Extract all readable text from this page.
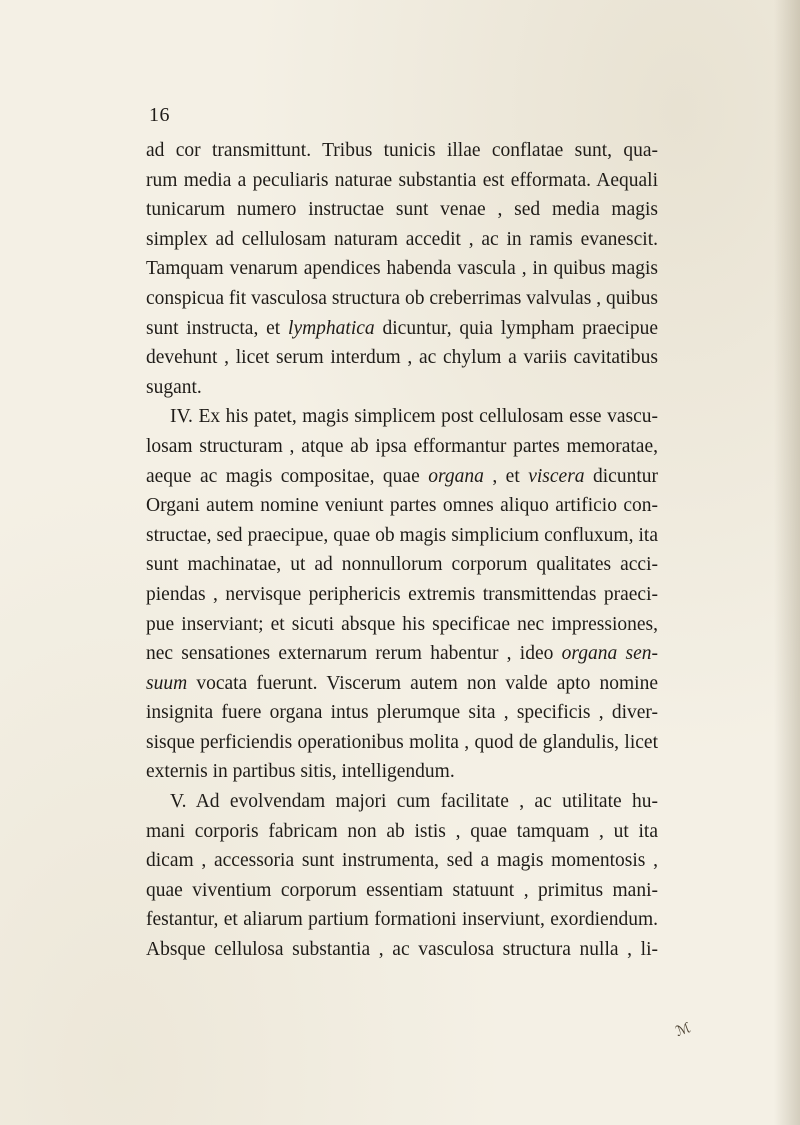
16
ad cor transmittunt. Tribus tunicis illae conflatae sunt, qua-
rum media a peculiaris naturae substantia est efformata. Aequali
tunicarum numero instructae sunt venae , sed media magis
simplex ad cellulosam naturam accedit , ac in ramis evanescit.
Tamquam venarum apendices habenda vascula , in quibus magis
conspicua fit vasculosa structura ob creberrimas valvulas , quibus
sunt instructa, et lymphatica dicuntur, quia lympham praecipue
devehunt , licet serum interdum , ac chylum a variis cavitatibus
sugant.
IV. Ex his patet, magis simplicem post cellulosam esse vascu-
losam structuram , atque ab ipsa efformantur partes memoratae,
aeque ac magis compositae, quae organa , et viscera dicuntur
Organi autem nomine veniunt partes omnes aliquo artificio con-
structae, sed praecipue, quae ob magis simplicium confluxum, ita
sunt machinatae, ut ad nonnullorum corporum qualitates acci-
piendas , nervisque periphericis extremis transmittendas praeci-
pue inserviant; et sicuti absque his specificae nec impressiones,
nec sensationes externarum rerum habentur , ideo organa sen-
suum vocata fuerunt. Viscerum autem non valde apto nomine
insignita fuere organa intus plerumque sita , specificis , diver-
sisque perficiendis operationibus molita , quod de glandulis, licet
externis in partibus sitis, intelligendum.
V. Ad evolvendam majori cum facilitate , ac utilitate hu-
mani corporis fabricam non ab istis , quae tamquam , ut ita
dicam , accessoria sunt instrumenta, sed a magis momentosis ,
quae viventium corporum essentiam statuunt , primitus mani-
festantur, et aliarum partium formationi inserviunt, exordiendum.
Absque cellulosa substantia , ac vasculosa structura nulla , li-
ℳ
